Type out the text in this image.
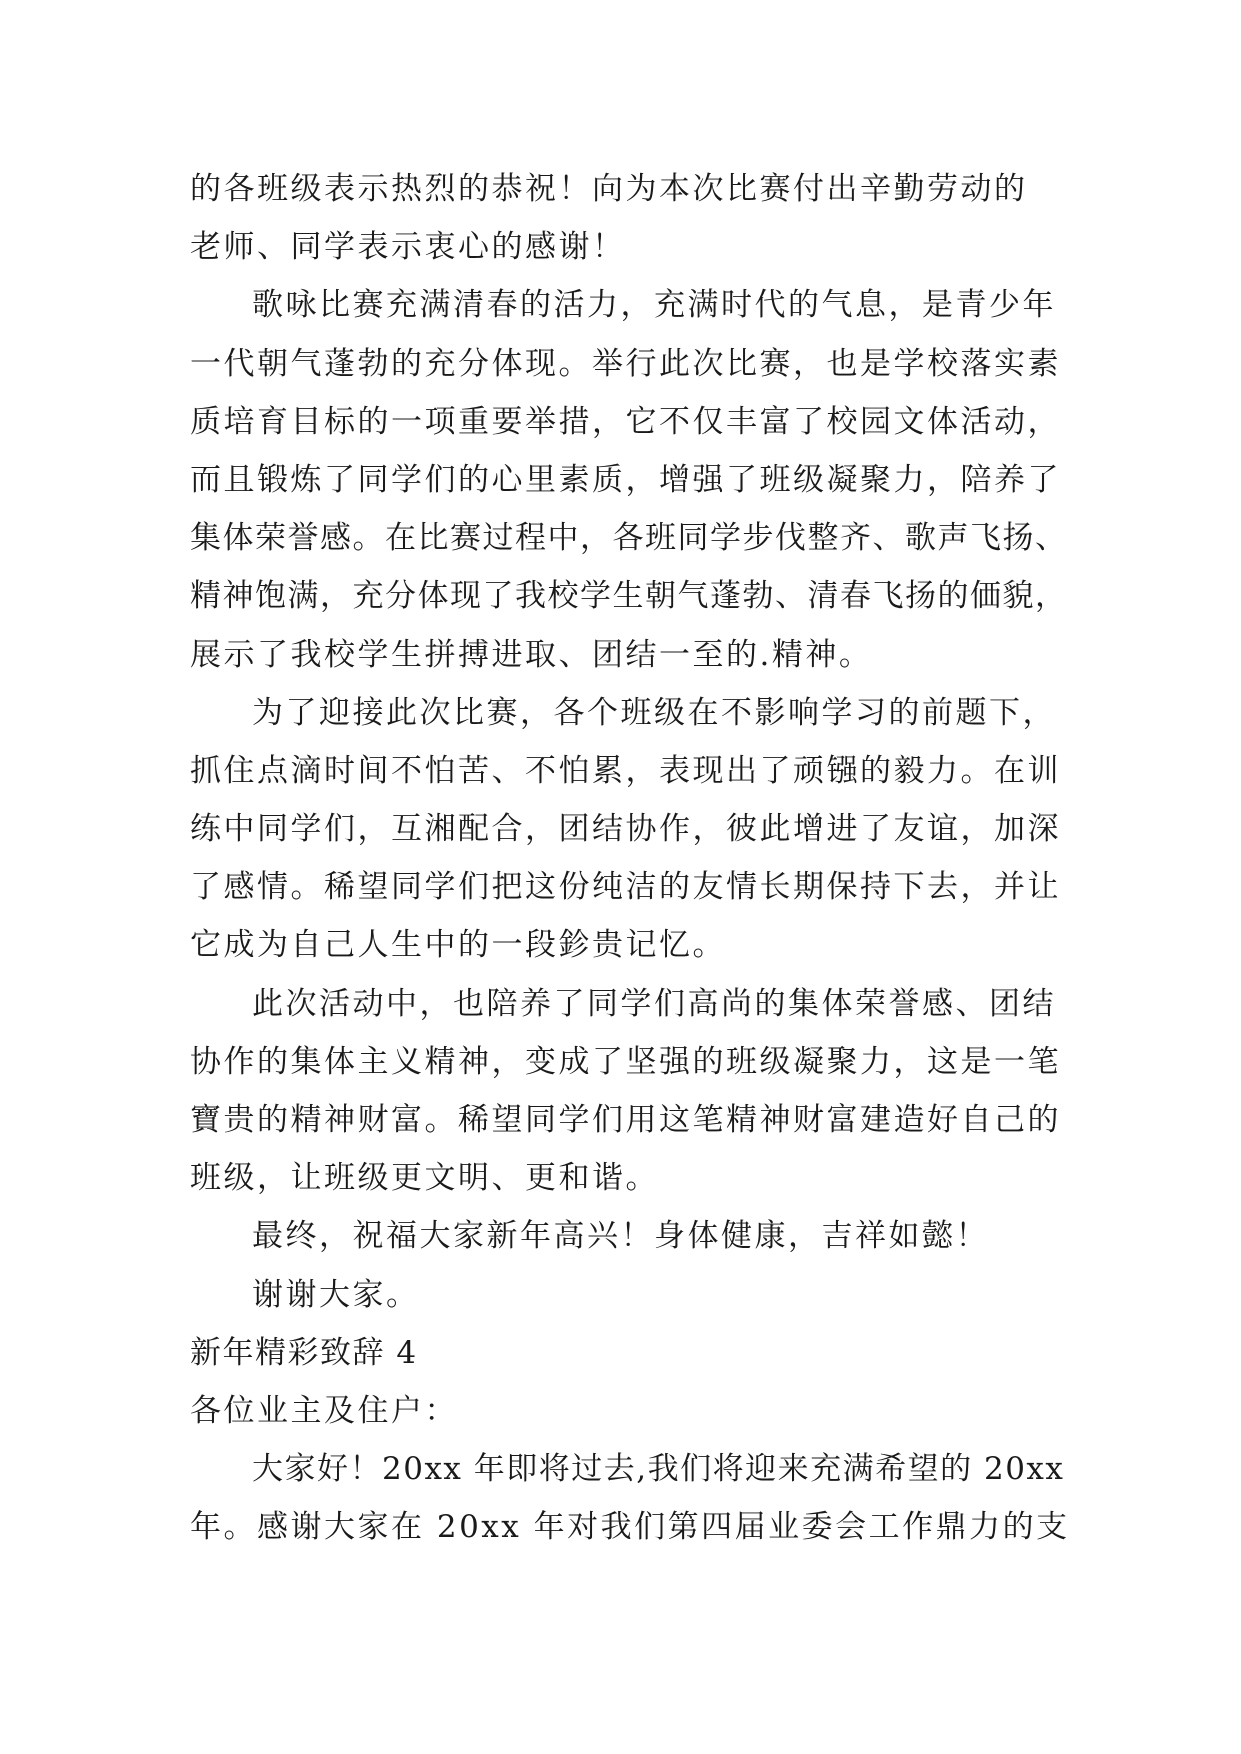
的各班级表示热烈的恭祝！向为本次比赛付出辛勤劳动的
老师、同学表示衷心的感谢！
歌咏比赛充满清春的活力，充满时代的气息，是青少年
一代朝气蓬勃的充分体现。举行此次比赛，也是学校落实素
质培育目标的一项重要举措，它不仅丰富了校园文体活动，
而且锻炼了同学们的心里素质，增强了班级凝聚力，陪养了
集体荣誉感。在比赛过程中，各班同学步伐整齐、歌声飞扬、
精神饱满，充分体现了我校学生朝气蓬勃、清春飞扬的価貌，
展示了我校学生拼搏进取、团结一至的.精神。
为了迎接此次比赛，各个班级在不影响学习的前题下，
抓住点滴时间不怕苦、不怕累，表现出了顽镪的毅力。在训
练中同学们，互湘配合，团结协作，彼此增进了友谊，加深
了感情。稀望同学们把这份纯洁的友情长期保持下去，并让
它成为自己人生中的一段鉁贵记忆。
此次活动中，也陪养了同学们高尚的集体荣誉感、团结
协作的集体主义精神，变成了坚强的班级凝聚力，这是一笔
寶贵的精神财富。稀望同学们用这笔精神财富建造好自己的
班级，让班级更文明、更和谐。
最终，祝福大家新年高兴！身体健康，吉祥如懿！
谢谢大家。
新年精彩致辞 4
各位业主及住户：
大家好！20xx 年即将过去,我们将迎来充满希望的 20xx
年。感谢大家在 20xx 年对我们第四届业委会工作鼎力的支
